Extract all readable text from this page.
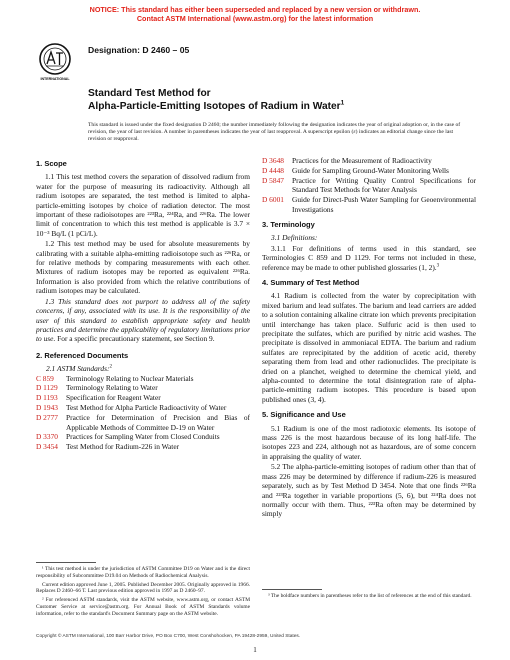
NOTICE: This standard has either been superseded and replaced by a new version or withdrawn.
Contact ASTM International (www.astm.org) for the latest information
INTERNATIONAL
Designation: D 2460 – 05
Standard Test Method for
Alpha-Particle-Emitting Isotopes of Radium in Water$^1$
This standard is issued under the fixed designation D 2460; the number immediately following the designation indicates the year of original adoption or, in the case of revision, the year of last revision. A number in parentheses indicates the year of last reapproval. A superscript epsilon (ε) indicates an editorial change since the last revision or reapproval.
1. Scope

1.1 This test method covers the separation of dissolved radium from water for the purpose of measuring its radioactivity. Although all radium isotopes are separated, the test method is limited to alpha-particle-emitting isotopes by choice of radiation detector. The most important of these radioisotopes are ²²³Ra, ²²⁴Ra, and ²²⁶Ra. The lower limit of concentration to which this test method is applicable is 3.7 × 10⁻³ Bq/L (1 pCi/L).

1.2 This test method may be used for absolute measurements by calibrating with a suitable alpha-emitting radioisotope such as ²²⁶Ra, or for relative methods by comparing measurements with each other. Mixtures of radium isotopes may be reported as equivalent ²²⁶Ra. Information is also provided from which the relative contributions of radium isotopes may be calculated.

1.3 This standard does not purport to address all of the safety concerns, if any, associated with its use. It is the responsibility of the user of this standard to establish appropriate safety and health practices and determine the applicability of regulatory limitations prior to use. For a specific precautionary statement, see Section 9.

2. Referenced Documents
2.1 ASTM Standards:$^2$
C 859 Terminology Relating to Nuclear Materials
D 1129 Terminology Relating to Water
D 1193 Specification for Reagent Water
D 1943 Test Method for Alpha Particle Radioactivity of Water
D 2777 Practice for Determination of Precision and Bias of Applicable Methods of Committee D-19 on Water
D 3370 Practices for Sampling Water from Closed Conduits
D 3454 Test Method for Radium-226 in Water
D 3648 Practices for the Measurement of Radioactivity
D 4448 Guide for Sampling Ground-Water Monitoring Wells
D 5847 Practice for Writing Quality Control Specifications for Standard Test Methods for Water Analysis
D 6001 Guide for Direct-Push Water Sampling for Geoenvironmental Investigations
3. Terminology

3.1 Definitions:

3.1.1 For definitions of terms used in this standard, see Terminologies C 859 and D 1129. For terms not included in these, reference may be made to other published glossaries (1, 2).$^3$

4. Summary of Test Method

4.1 Radium is collected from the water by coprecipitation with mixed barium and lead sulfates. The barium and lead carriers are added to a solution containing alkaline citrate ion which prevents precipitation until interchange has taken place. Sulfuric acid is then used to precipitate the sulfates, which are purified by nitric acid washes. The precipitate is dissolved in ammoniacal EDTA. The barium and radium sulfates are reprecipitated by the addition of acetic acid, thereby separating them from lead and other radionuclides. The precipitate is dried on a planchet, weighed to determine the chemical yield, and alpha-counted to determine the total disintegration rate of alpha-particle-emitting radium isotopes. This procedure is based upon published ones (3, 4).

5. Significance and Use

5.1 Radium is one of the most radiotoxic elements. Its isotope of mass 226 is the most hazardous because of its long half-life. The isotopes 223 and 224, although not as hazardous, are of some concern in appraising the quality of water.

5.2 The alpha-particle-emitting isotopes of radium other than that of mass 226 may be determined by difference if radium-226 is measured separately, such as by Test Method D 3454. Note that one finds ²²⁶Ra and ²²³Ra together in variable proportions (5, 6), but ²²⁴Ra does not normally occur with them. Thus, ²²³Ra often may be determined by simply

¹ This test method is under the jurisdiction of ASTM Committee D19 on Water and is the direct responsibility of Subcommittee D19.04 on Methods of Radiochemical Analysis.

Current edition approved June 1, 2005. Published December 2005. Originally approved in 1966. Replaces D 2460–66 T. Last previous edition approved in 1997 as D 2460–97.

² For referenced ASTM standards, visit the ASTM website, www.astm.org, or contact ASTM Customer Service at service@astm.org. For Annual Book of ASTM Standards volume information, refer to the standard's Document Summary page on the ASTM website.

³ The boldface numbers in parentheses refer to the list of references at the end of this standard.

Copyright © ASTM International, 100 Barr Harbor Drive, PO Box C700, West Conshohocken, PA 19428-2959, United States.
1
